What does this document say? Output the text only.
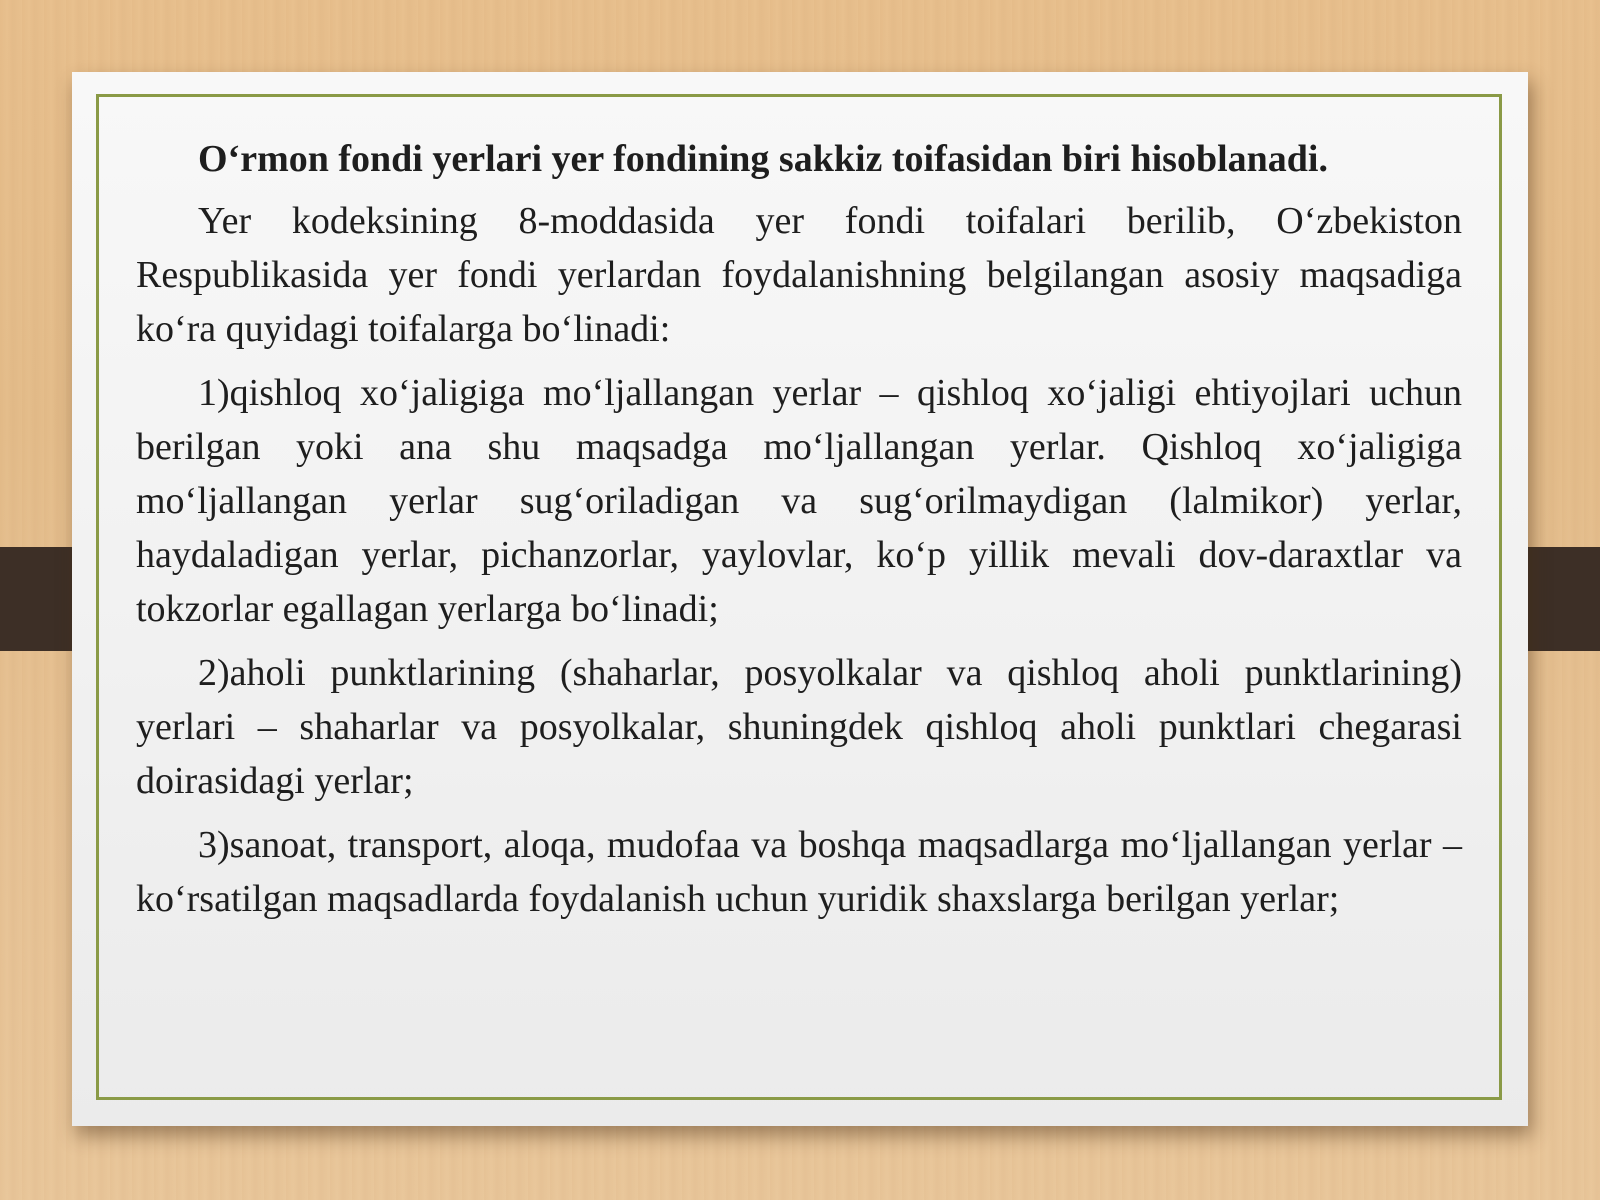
O‘rmon fondi yerlari yer fondining sakkiz toifasidan biri hisoblanadi.

Yer kodeksining 8-moddasida yer fondi toifalari berilib, O‘zbekiston Respublikasida yer fondi yerlardan foydalanishning belgilangan asosiy maqsadiga ko‘ra quyidagi toifalarga bo‘linadi:

1)qishloq xo‘jaligiga mo‘ljallangan yerlar – qishloq xo‘jaligi ehtiyojlari uchun berilgan yoki ana shu maqsadga mo‘ljallangan yerlar. Qishloq xo‘jaligiga mo‘ljallangan yerlar sug‘oriladigan va sug‘orilmaydigan (lalmikor) yerlar, haydaladigan yerlar, pichanzorlar, yaylovlar, ko‘p yillik mevali dov-daraxtlar va tokzorlar egallagan yerlarga bo‘linadi;

2)aholi punktlarining (shaharlar, posyolkalar va qishloq aholi punktlarining) yerlari – shaharlar va posyolkalar, shuningdek qishloq aholi punktlari chegarasi doirasidagi yerlar;

3)sanoat, transport, aloqa, mudofaa va boshqa maqsadlarga mo‘ljallangan yerlar – ko‘rsatilgan maqsadlarda foydalanish uchun yuridik shaxslarga berilgan yerlar;
